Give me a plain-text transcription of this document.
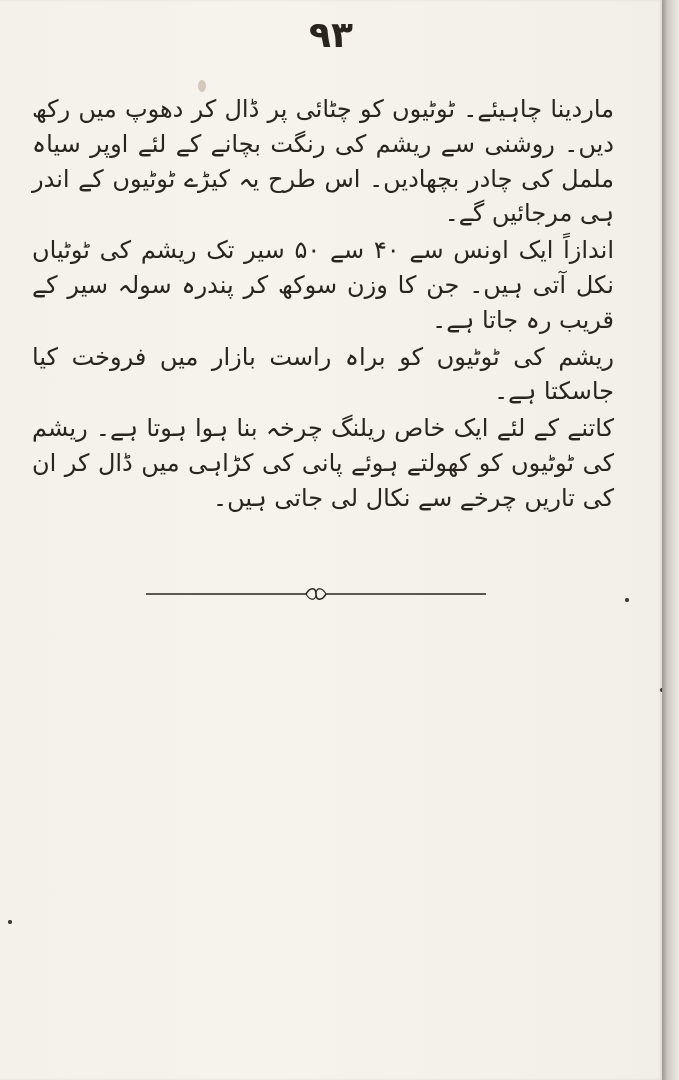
۹۳

ماردینا چاہیئے۔ ٹوٹیوں کو چٹائی پر ڈال کر دھوپ میں رکھ دیں۔ روشنی سے ریشم کی رنگت بچانے کے لئے اوپر سیاہ ململ کی چادر بچھادیں۔ اس طرح یہ کیڑے ٹوٹیوں کے اندر ہی مرجائیں گے۔

اندازاً ایک اونس سے ۴۰ سے ۵۰ سیر تک ریشم کی ٹوٹیاں نکل آتی ہیں۔ جن کا وزن سوکھ کر پندرہ سولہ سیر کے قریب رہ جاتا ہے۔

ریشم کی ٹوٹیوں کو براہ راست بازار میں فروخت کیا جاسکتا ہے۔

کاتنے کے لئے ایک خاص ریلنگ چرخہ بنا ہوا ہوتا ہے۔ ریشم کی ٹوٹیوں کو کھولتے ہوئے پانی کی کڑاہی میں ڈال کر ان کی تاریں چرخے سے نکال لی جاتی ہیں۔
